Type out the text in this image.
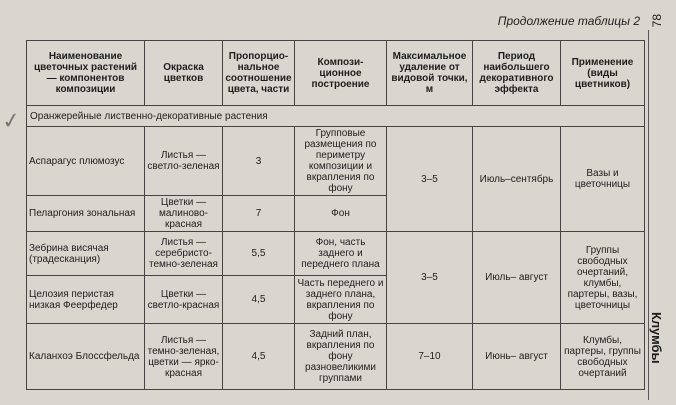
Продолжение таблицы 2 78
Клумбы
✓
Наименование цветочных растений — компонентов композиции	Окраска цветков	Пропорцио-нальное соотношение цвета, части	Компози-ционное построение	Максимальное удаление от видовой точки, м	Период наибольшего декоративного эффекта	Применение (виды цветников)
Оранжерейные лиственно-декоративные растения						
Аспарагус плюмозус	Листья — светло-зеленая	3	Групповые размещения по периметру композиции и вкрапления по фону	3–5	Июль–сентябрь	Вазы и цветочницы
Пеларгония зональная	Цветки — малиново-красная	7	Фон			
Зебрина висячая (традесканция)	Листья — серебристо-темно-зеленая	5,5	Фон, часть заднего и переднего плана	3–5	Июль– август	Группы свободных очертаний, клумбы, партеры, вазы, цветочницы
Целозия перистая низкая Феерфедер	Цветки — светло-красная	4,5	Часть переднего и заднего плана, вкрапления по фону			
Каланхоэ Блоссфельда	Листья — темно-зеленая, цветки — ярко-красная	4,5	Задний план, вкрапления по фону разновеликими группами	7–10	Июнь– август	Клумбы, партеры, группы свободных очертаний
